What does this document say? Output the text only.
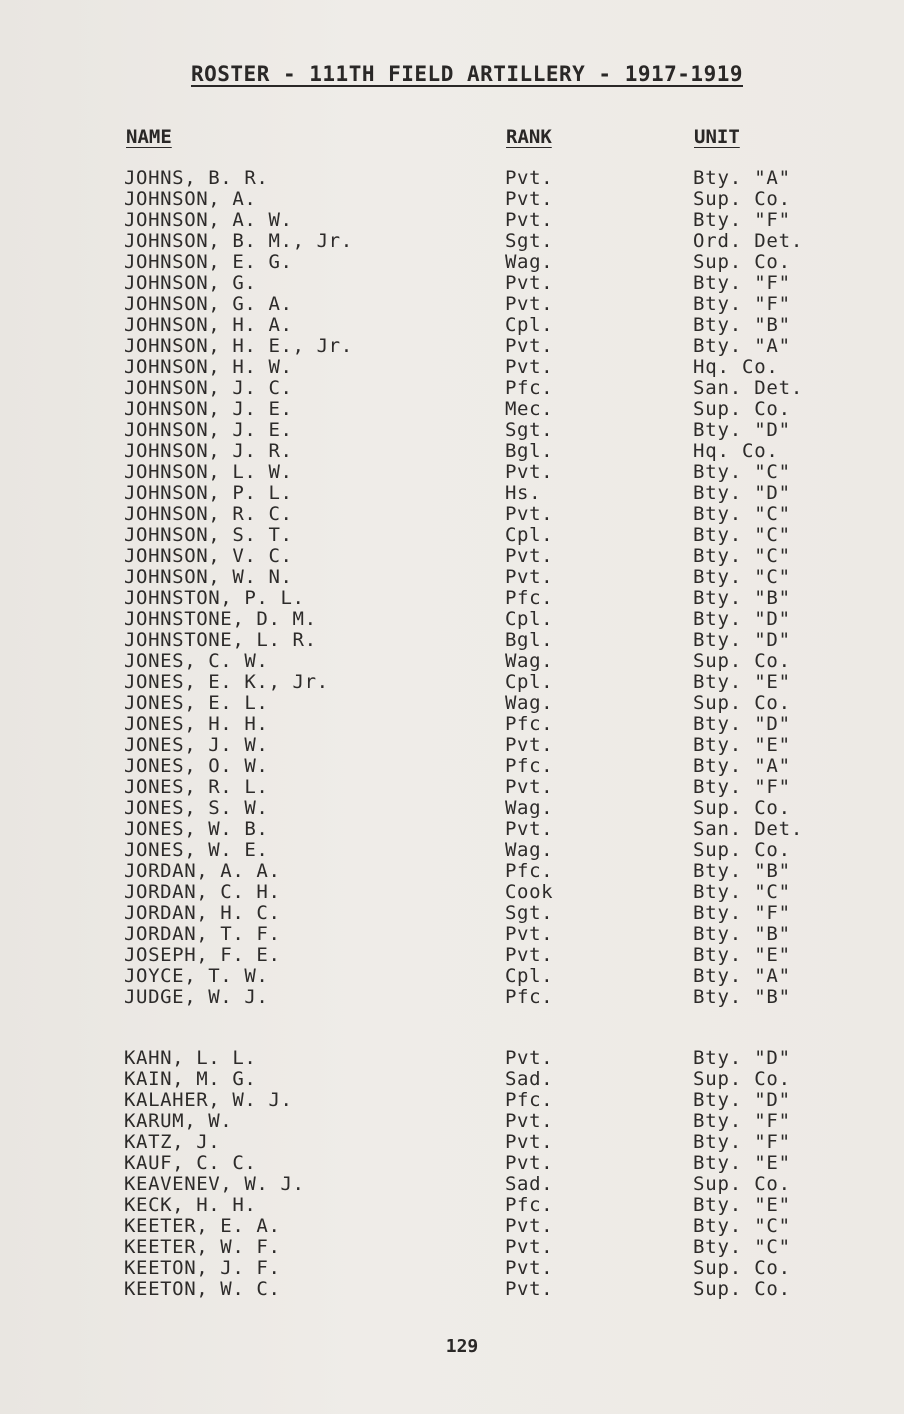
ROSTER - 111TH FIELD ARTILLERY - 1917-1919
NAME	RANK	UNIT
JOHNS, B. R.	Pvt.	Bty. "A"
JOHNSON, A.	Pvt.	Sup. Co.
JOHNSON, A. W.	Pvt.	Bty. "F"
JOHNSON, B. M., Jr.	Sgt.	Ord. Det.
JOHNSON, E. G.	Wag.	Sup. Co.
JOHNSON, G.	Pvt.	Bty. "F"
JOHNSON, G. A.	Pvt.	Bty. "F"
JOHNSON, H. A.	Cpl.	Bty. "B"
JOHNSON, H. E., Jr.	Pvt.	Bty. "A"
JOHNSON, H. W.	Pvt.	Hq. Co.
JOHNSON, J. C.	Pfc.	San. Det.
JOHNSON, J. E.	Mec.	Sup. Co.
JOHNSON, J. E.	Sgt.	Bty. "D"
JOHNSON, J. R.	Bgl.	Hq. Co.
JOHNSON, L. W.	Pvt.	Bty. "C"
JOHNSON, P. L.	Hs.	Bty. "D"
JOHNSON, R. C.	Pvt.	Bty. "C"
JOHNSON, S. T.	Cpl.	Bty. "C"
JOHNSON, V. C.	Pvt.	Bty. "C"
JOHNSON, W. N.	Pvt.	Bty. "C"
JOHNSTON, P. L.	Pfc.	Bty. "B"
JOHNSTONE, D. M.	Cpl.	Bty. "D"
JOHNSTONE, L. R.	Bgl.	Bty. "D"
JONES, C. W.	Wag.	Sup. Co.
JONES, E. K., Jr.	Cpl.	Bty. "E"
JONES, E. L.	Wag.	Sup. Co.
JONES, H. H.	Pfc.	Bty. "D"
JONES, J. W.	Pvt.	Bty. "E"
JONES, O. W.	Pfc.	Bty. "A"
JONES, R. L.	Pvt.	Bty. "F"
JONES, S. W.	Wag.	Sup. Co.
JONES, W. B.	Pvt.	San. Det.
JONES, W. E.	Wag.	Sup. Co.
JORDAN, A. A.	Pfc.	Bty. "B"
JORDAN, C. H.	Cook	Bty. "C"
JORDAN, H. C.	Sgt.	Bty. "F"
JORDAN, T. F.	Pvt.	Bty. "B"
JOSEPH, F. E.	Pvt.	Bty. "E"
JOYCE, T. W.	Cpl.	Bty. "A"
JUDGE, W. J.	Pfc.	Bty. "B"
KAHN, L. L.	Pvt.	Bty. "D"
KAIN, M. G.	Sad.	Sup. Co.
KALAHER, W. J.	Pfc.	Bty. "D"
KARUM, W.	Pvt.	Bty. "F"
KATZ, J.	Pvt.	Bty. "F"
KAUF, C. C.	Pvt.	Bty. "E"
KEAVENEV, W. J.	Sad.	Sup. Co.
KECK, H. H.	Pfc.	Bty. "E"
KEETER, E. A.	Pvt.	Bty. "C"
KEETER, W. F.	Pvt.	Bty. "C"
KEETON, J. F.	Pvt.	Sup. Co.
KEETON, W. C.	Pvt.	Sup. Co.
129
